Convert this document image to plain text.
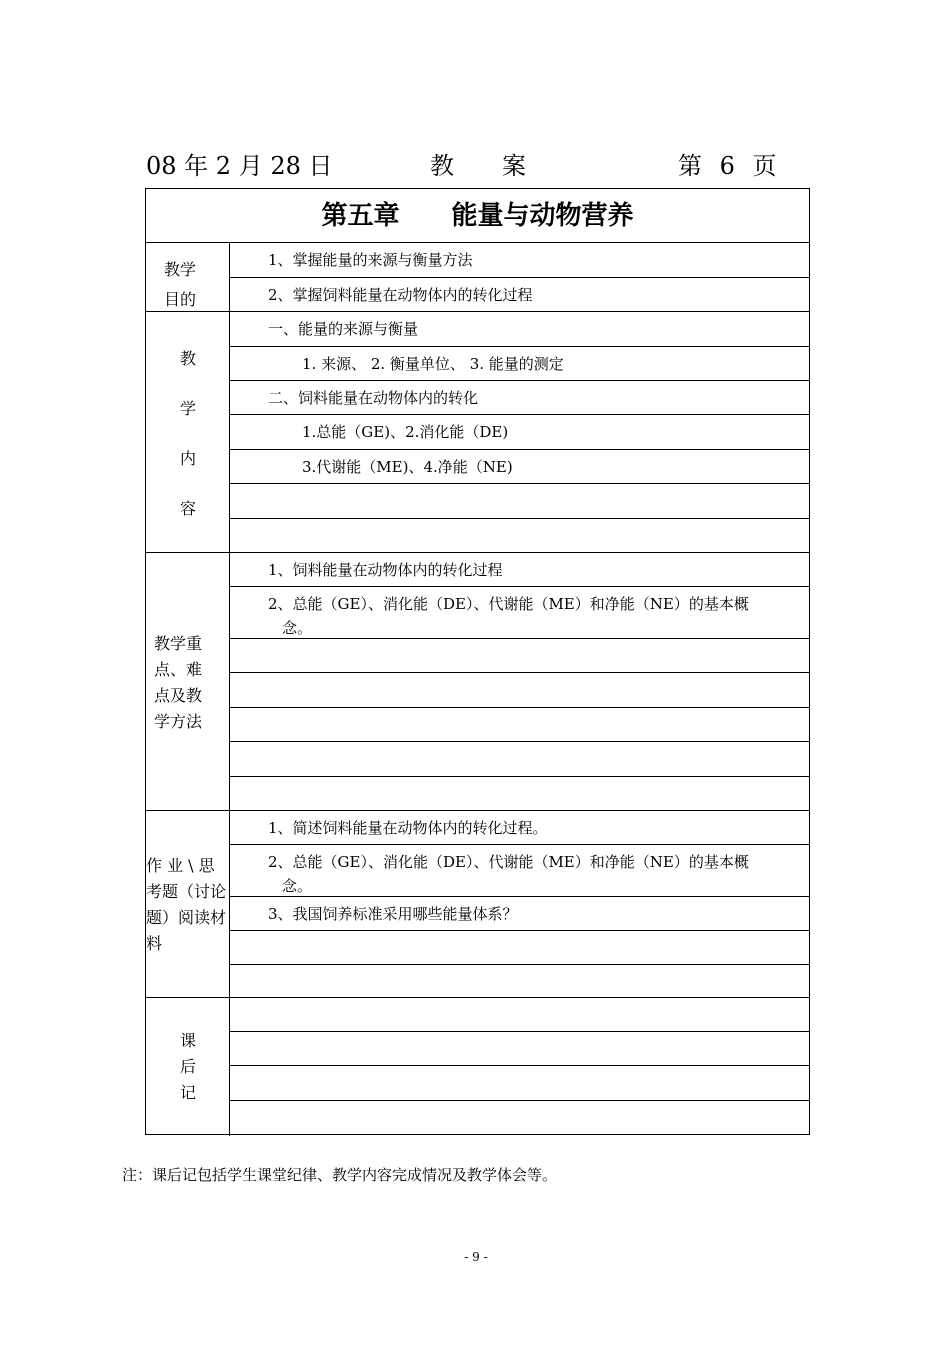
08 年 2 月 28 日	教案	第 6 页
第五章 能量与动物营养
教学
目的
1、掌握能量的来源与衡量方法
2、掌握饲料能量在动物体内的转化过程
教
学
内
容
一、能量的来源与衡量
1. 来源、 2. 衡量单位、 3. 能量的测定
二、饲料能量在动物体内的转化
1.总能（GE)、2.消化能（DE)
3.代谢能（ME)、4.净能（NE)
教学重
点、难
点及教
学方法
1、饲料能量在动物体内的转化过程
2、总能（GE）、消化能（DE）、代谢能（ME）和净能（NE）的基本概
念。
作 业 \ 思
考题（讨论
题）阅读材
料
1、简述饲料能量在动物体内的转化过程。
2、总能（GE）、消化能（DE）、代谢能（ME）和净能（NE）的基本概
念。
3、我国饲养标准采用哪些能量体系？
课
后
记
注：课后记包括学生课堂纪律、教学内容完成情况及教学体会等。
- 9 -
